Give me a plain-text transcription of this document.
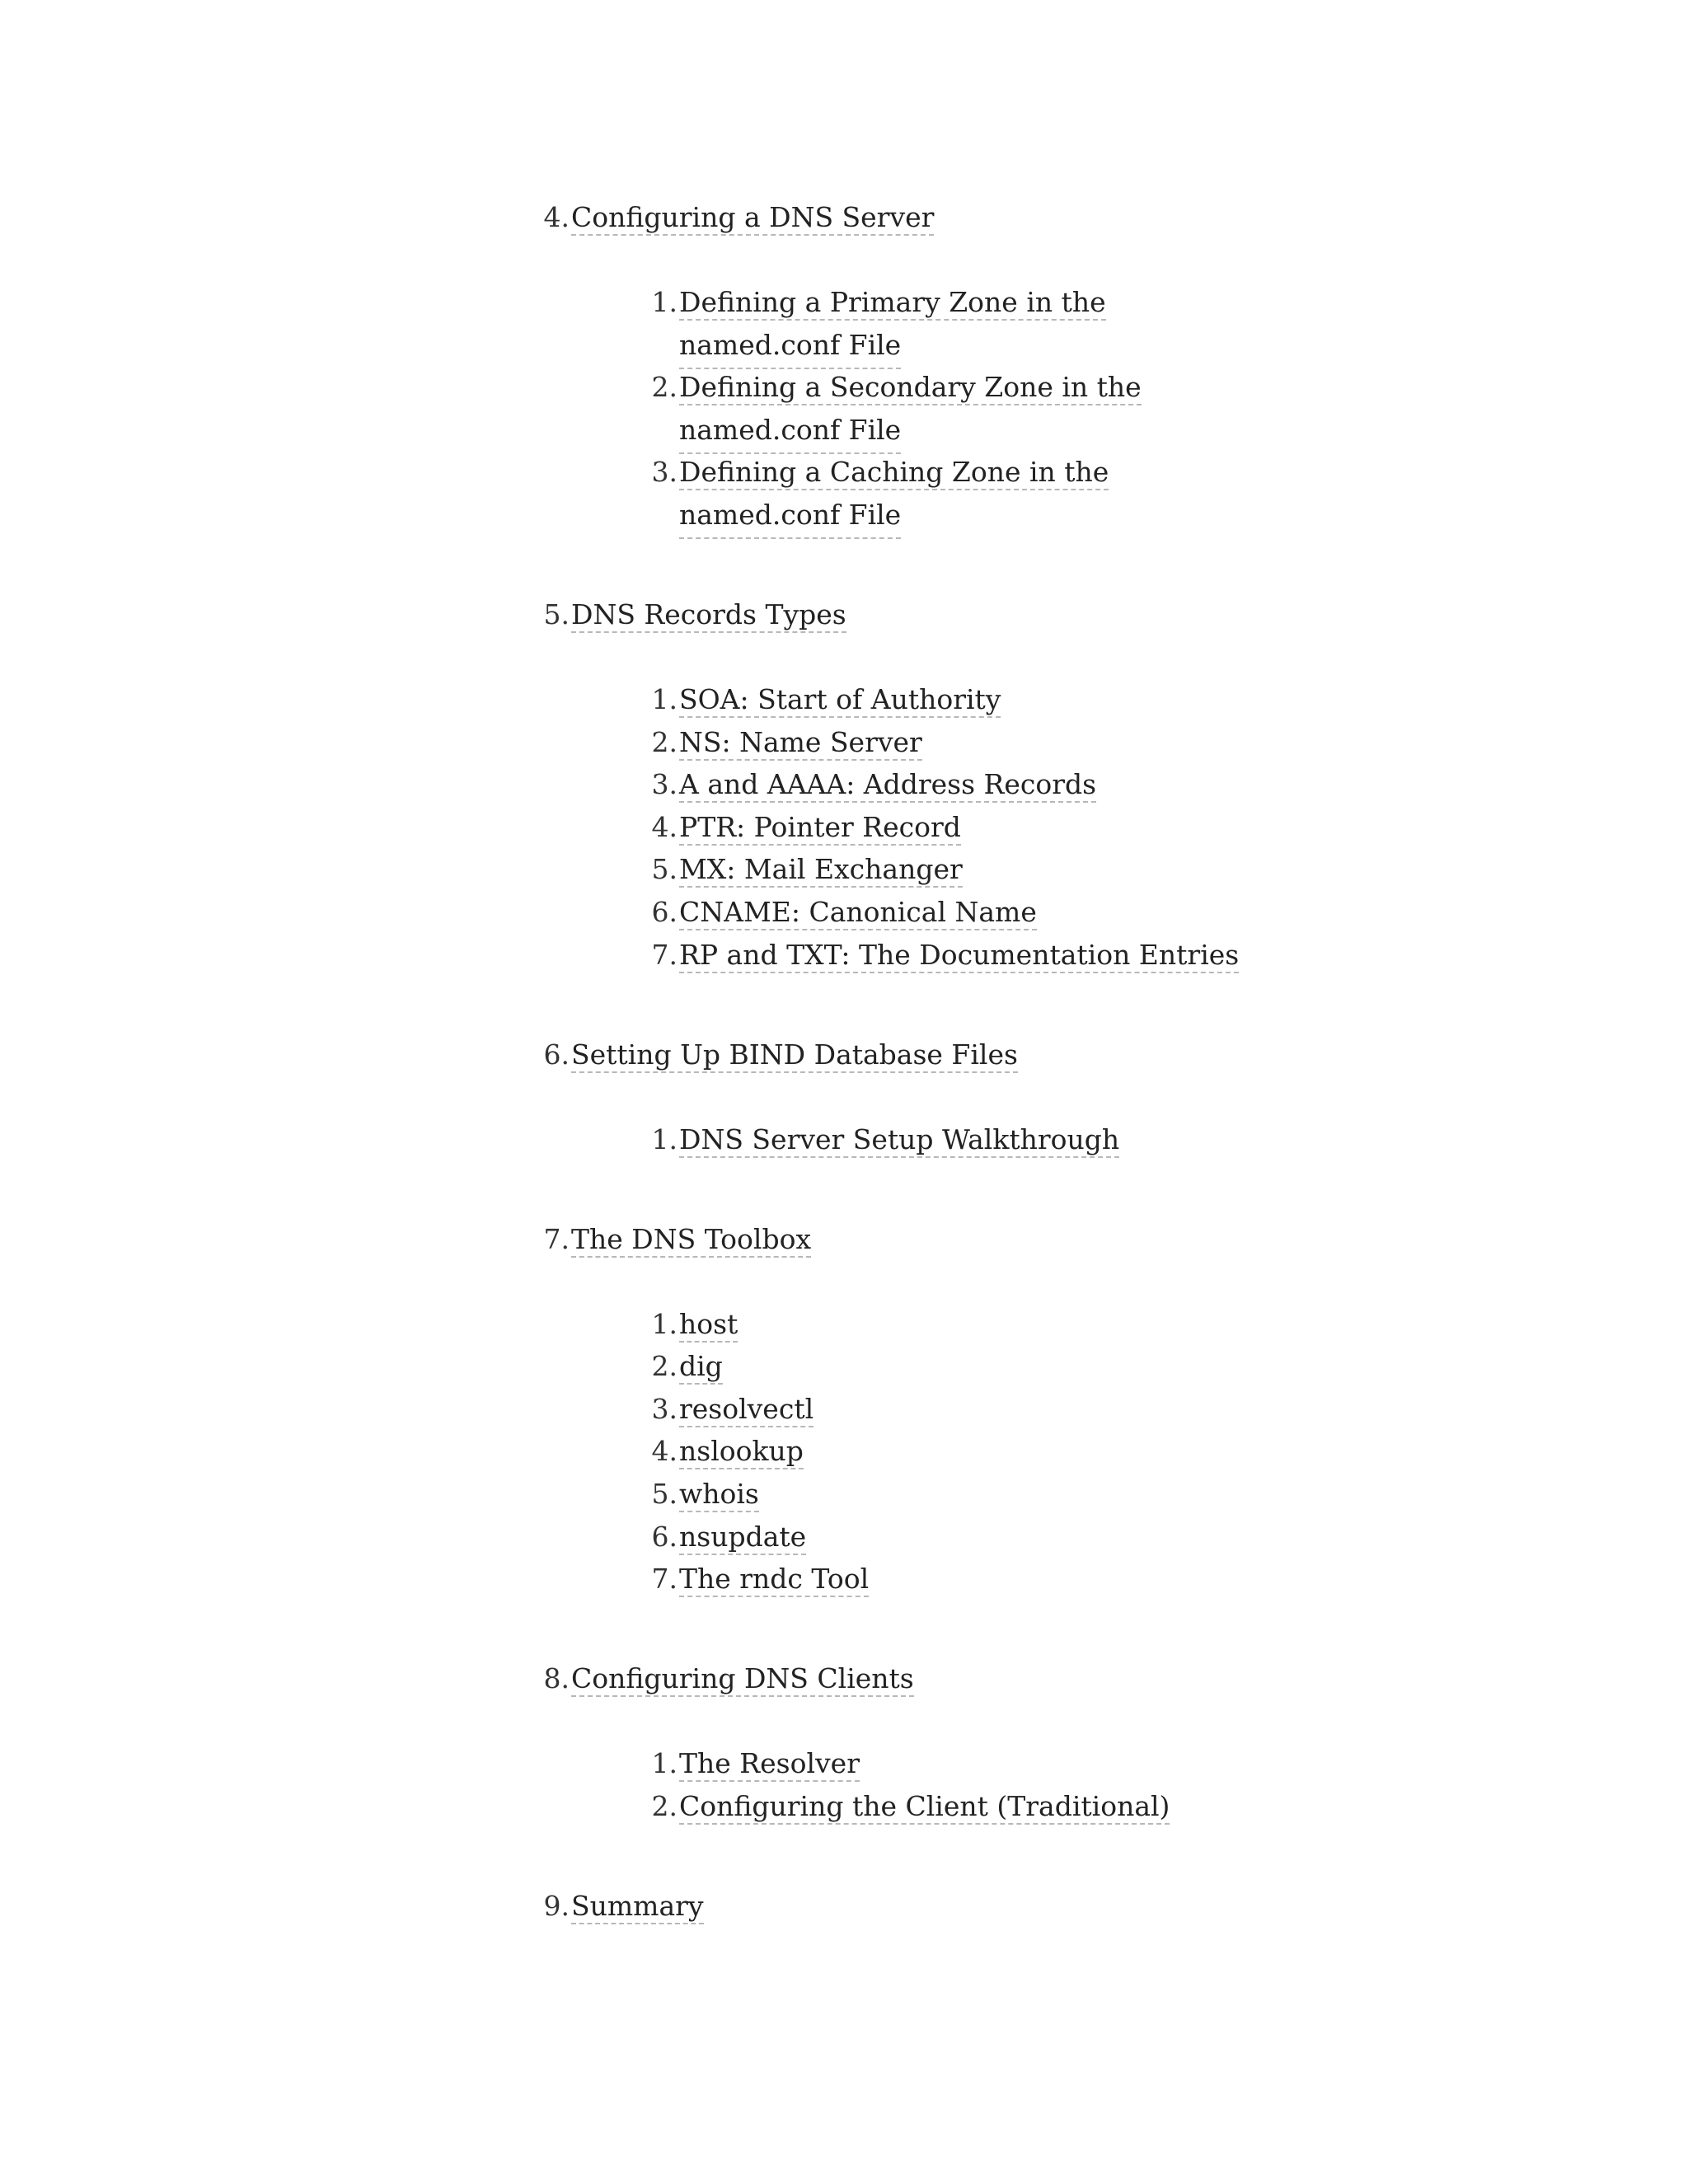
4. Configuring a DNS Server
1. Defining a Primary Zone in the
named.conf File
2. Defining a Secondary Zone in the
named.conf File
3. Defining a Caching Zone in the
named.conf File
5. DNS Records Types
1. SOA: Start of Authority
2. NS: Name Server
3. A and AAAA: Address Records
4. PTR: Pointer Record
5. MX: Mail Exchanger
6. CNAME: Canonical Name
7. RP and TXT: The Documentation Entries
6. Setting Up BIND Database Files
1. DNS Server Setup Walkthrough
7. The DNS Toolbox
1. host
2. dig
3. resolvectl
4. nslookup
5. whois
6. nsupdate
7. The rndc Tool
8. Configuring DNS Clients
1. The Resolver
2. Configuring the Client (Traditional)
9. Summary
